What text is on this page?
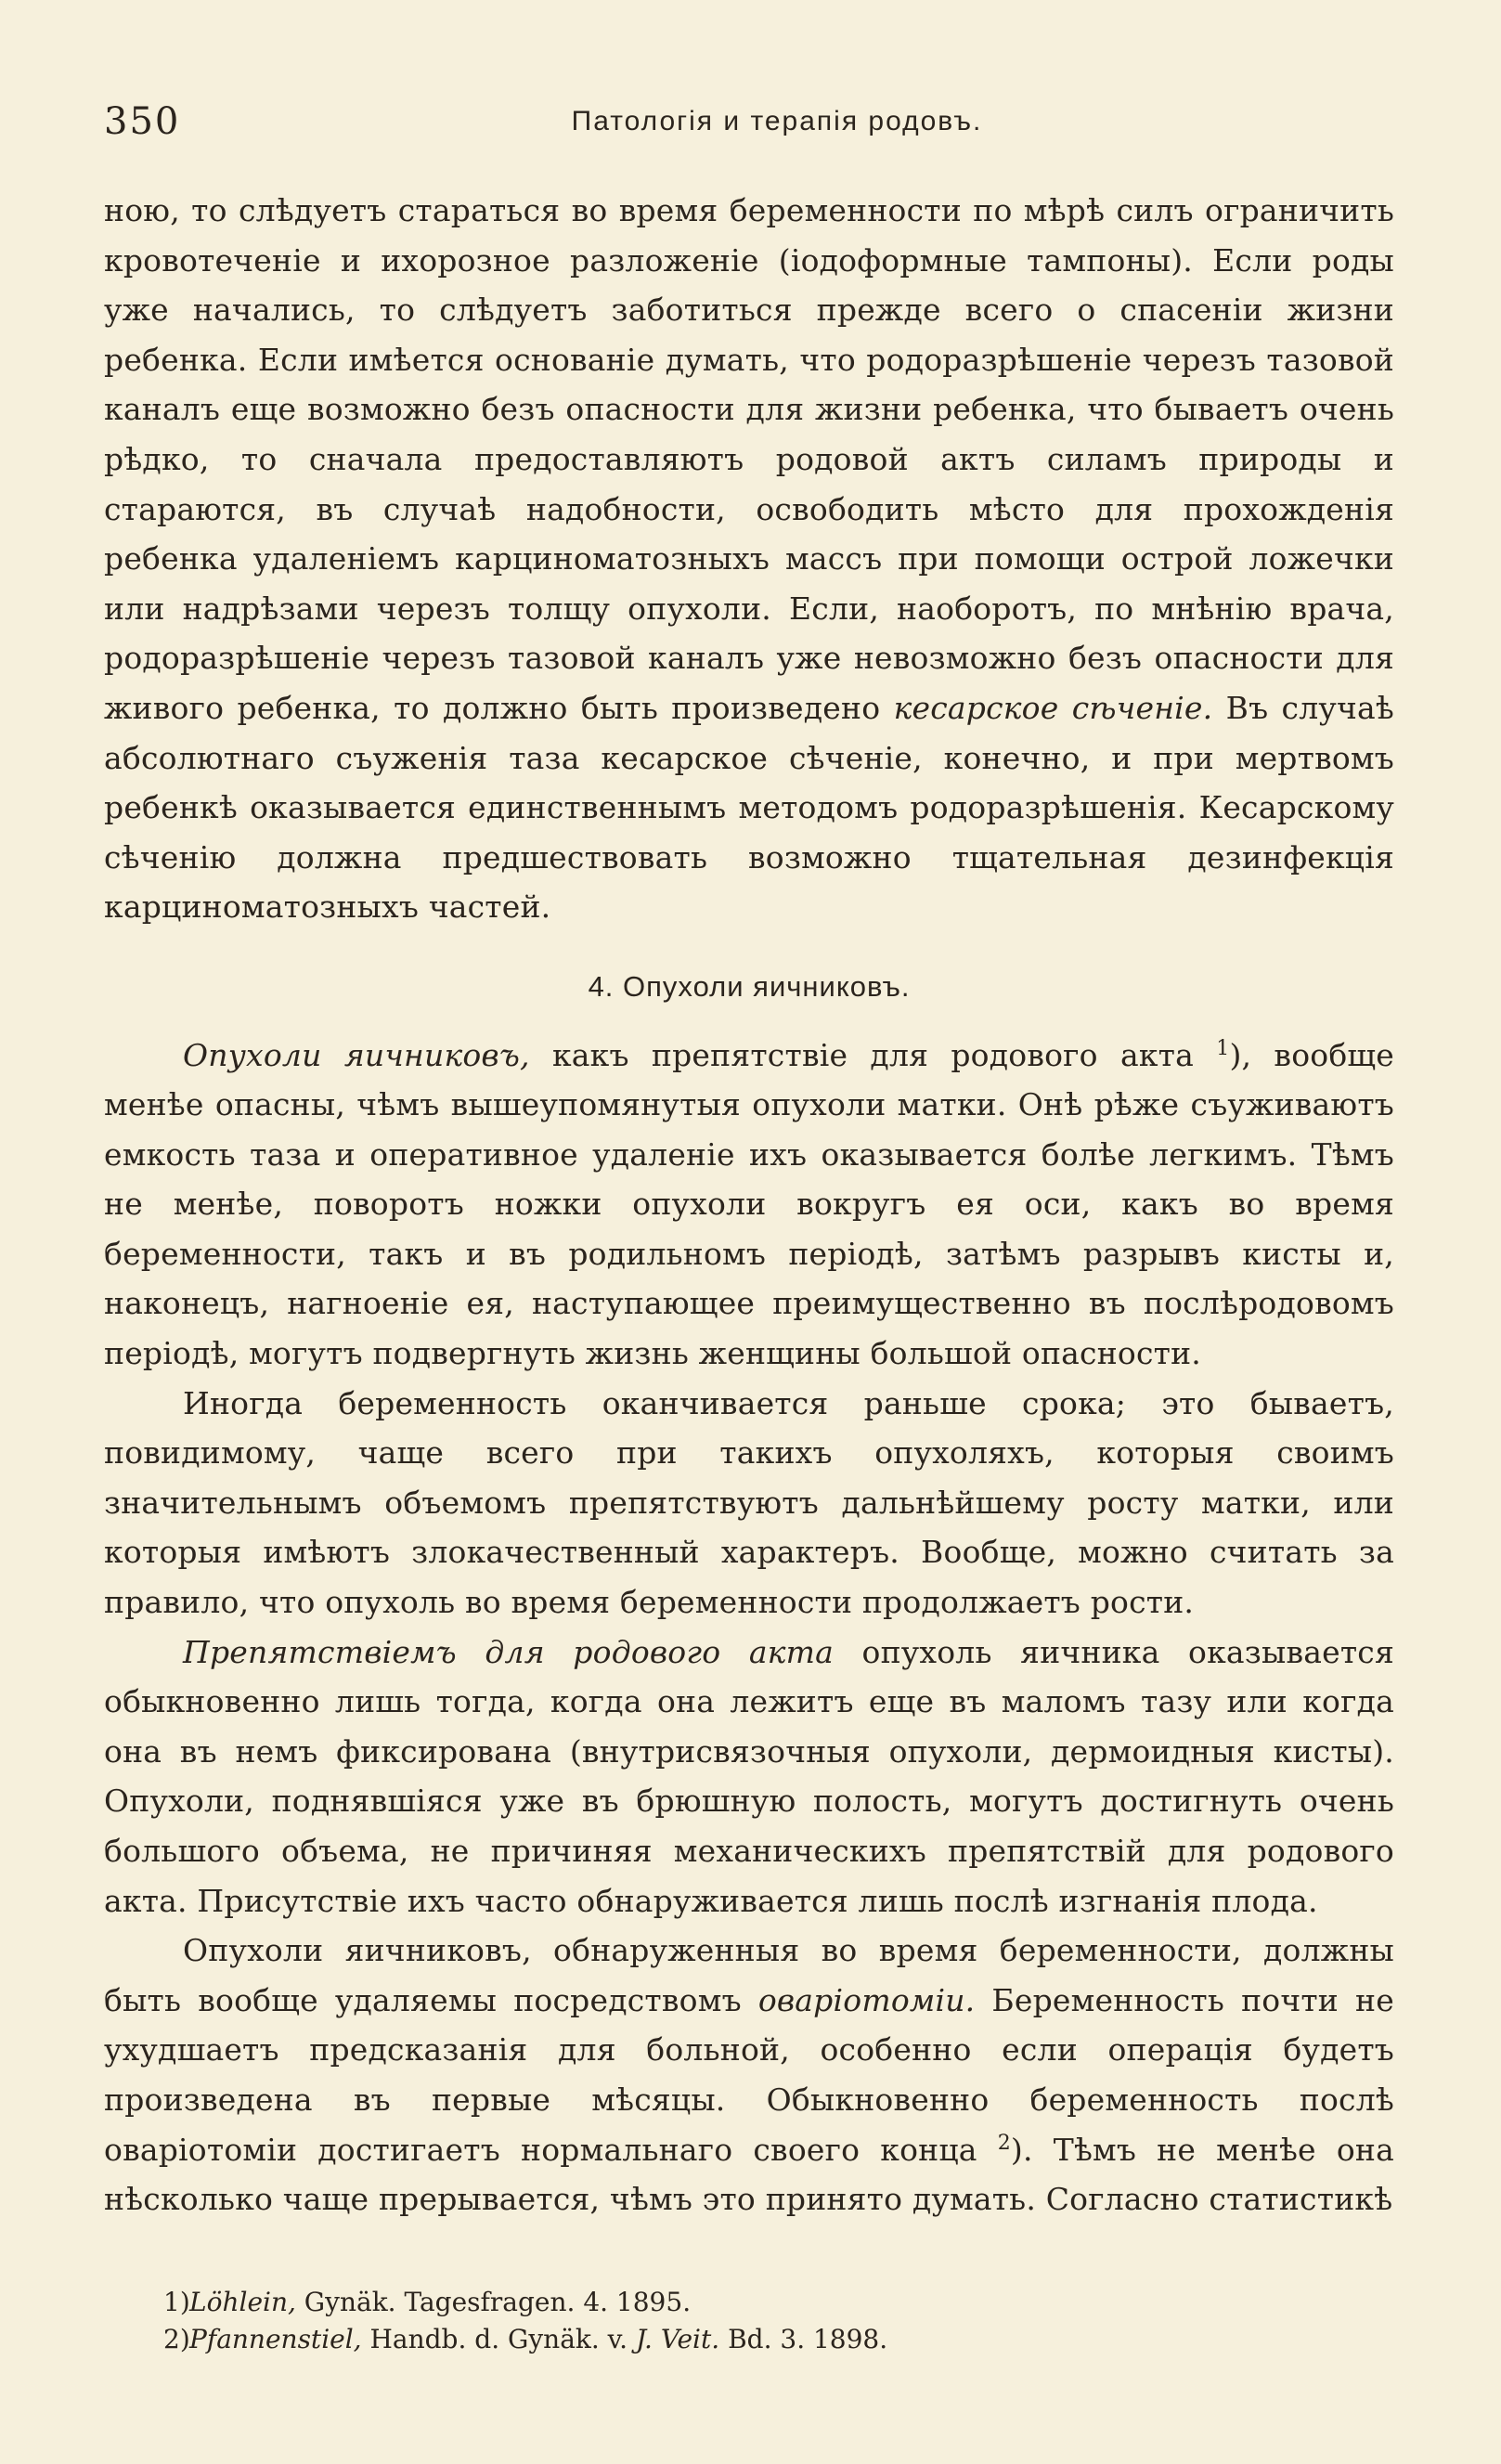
350	Патологія и терапія родовъ.

ною, то слѣдуетъ стараться во время беременности по мѣрѣ силъ ограничить кровотеченіе и ихорозное разложеніе (іодоформные тампоны). Если роды уже начались, то слѣдуетъ заботиться прежде всего о спасеніи жизни ребенка. Если имѣется основаніе думать, что родоразрѣшеніе черезъ тазовой каналъ еще возможно безъ опасности для жизни ребенка, что бываетъ очень рѣдко, то сначала предоставляютъ родовой актъ силамъ природы и стараются, въ случаѣ надобности, освободить мѣсто для прохожденія ребенка удаленіемъ карциноматозныхъ массъ при помощи острой ложечки или надрѣзами черезъ толщу опухоли. Если, наоборотъ, по мнѣнію врача, родоразрѣшеніе черезъ тазовой каналъ уже невозможно безъ опасности для живого ребенка, то должно быть произведено кесарское сѣченіе. Въ случаѣ абсолютнаго съуженія таза кесарское сѣченіе, конечно, и при мертвомъ ребенкѣ оказывается единственнымъ методомъ родоразрѣшенія. Кесарскому сѣченію должна предшествовать возможно тщательная дезинфекція карциноматозныхъ частей.

4. Опухоли яичниковъ.

Опухоли яичниковъ, какъ препятствіе для родового акта $^1$), вообще менѣе опасны, чѣмъ вышеупомянутыя опухоли матки. Онѣ рѣже съуживаютъ емкость таза и оперативное удаленіе ихъ оказывается болѣе легкимъ. Тѣмъ не менѣе, поворотъ ножки опухоли вокругъ ея оси, какъ во время беременности, такъ и въ родильномъ періодѣ, затѣмъ разрывъ кисты и, наконецъ, нагноеніе ея, наступающее преимущественно въ послѣродовомъ періодѣ, могутъ подвергнуть жизнь женщины большой опасности.

Иногда беременность оканчивается раньше срока; это бываетъ, повидимому, чаще всего при такихъ опухоляхъ, которыя своимъ значительнымъ объемомъ препятствуютъ дальнѣйшему росту матки, или которыя имѣютъ злокачественный характеръ. Вообще, можно считать за правило, что опухоль во время беременности продолжаетъ рости.

Препятствіемъ для родового акта опухоль яичника оказывается обыкновенно лишь тогда, когда она лежитъ еще въ маломъ тазу или когда она въ немъ фиксирована (внутрисвязочныя опухоли, дермоидныя кисты). Опухоли, поднявшіяся уже въ брюшную полость, могутъ достигнуть очень большого объема, не причиняя механическихъ препятствій для родового акта. Присутствіе ихъ часто обнаруживается лишь послѣ изгнанія плода.

Опухоли яичниковъ, обнаруженныя во время беременности, должны быть вообще удаляемы посредствомъ оваріотоміи. Беременность почти не ухудшаетъ предсказанія для больной, особенно если операція будетъ произведена въ первые мѣсяцы. Обыкновенно беременность послѣ оваріотоміи достигаетъ нормальнаго своего конца $^2$). Тѣмъ не менѣе она нѣсколько чаще прерывается, чѣмъ это принято думать. Согласно статистикѣ

1)Löhlein, Gynäk. Tagesfragen. 4. 1895.

2)Pfannenstiel, Handb. d. Gynäk. v. J. Veit. Bd. 3. 1898.
